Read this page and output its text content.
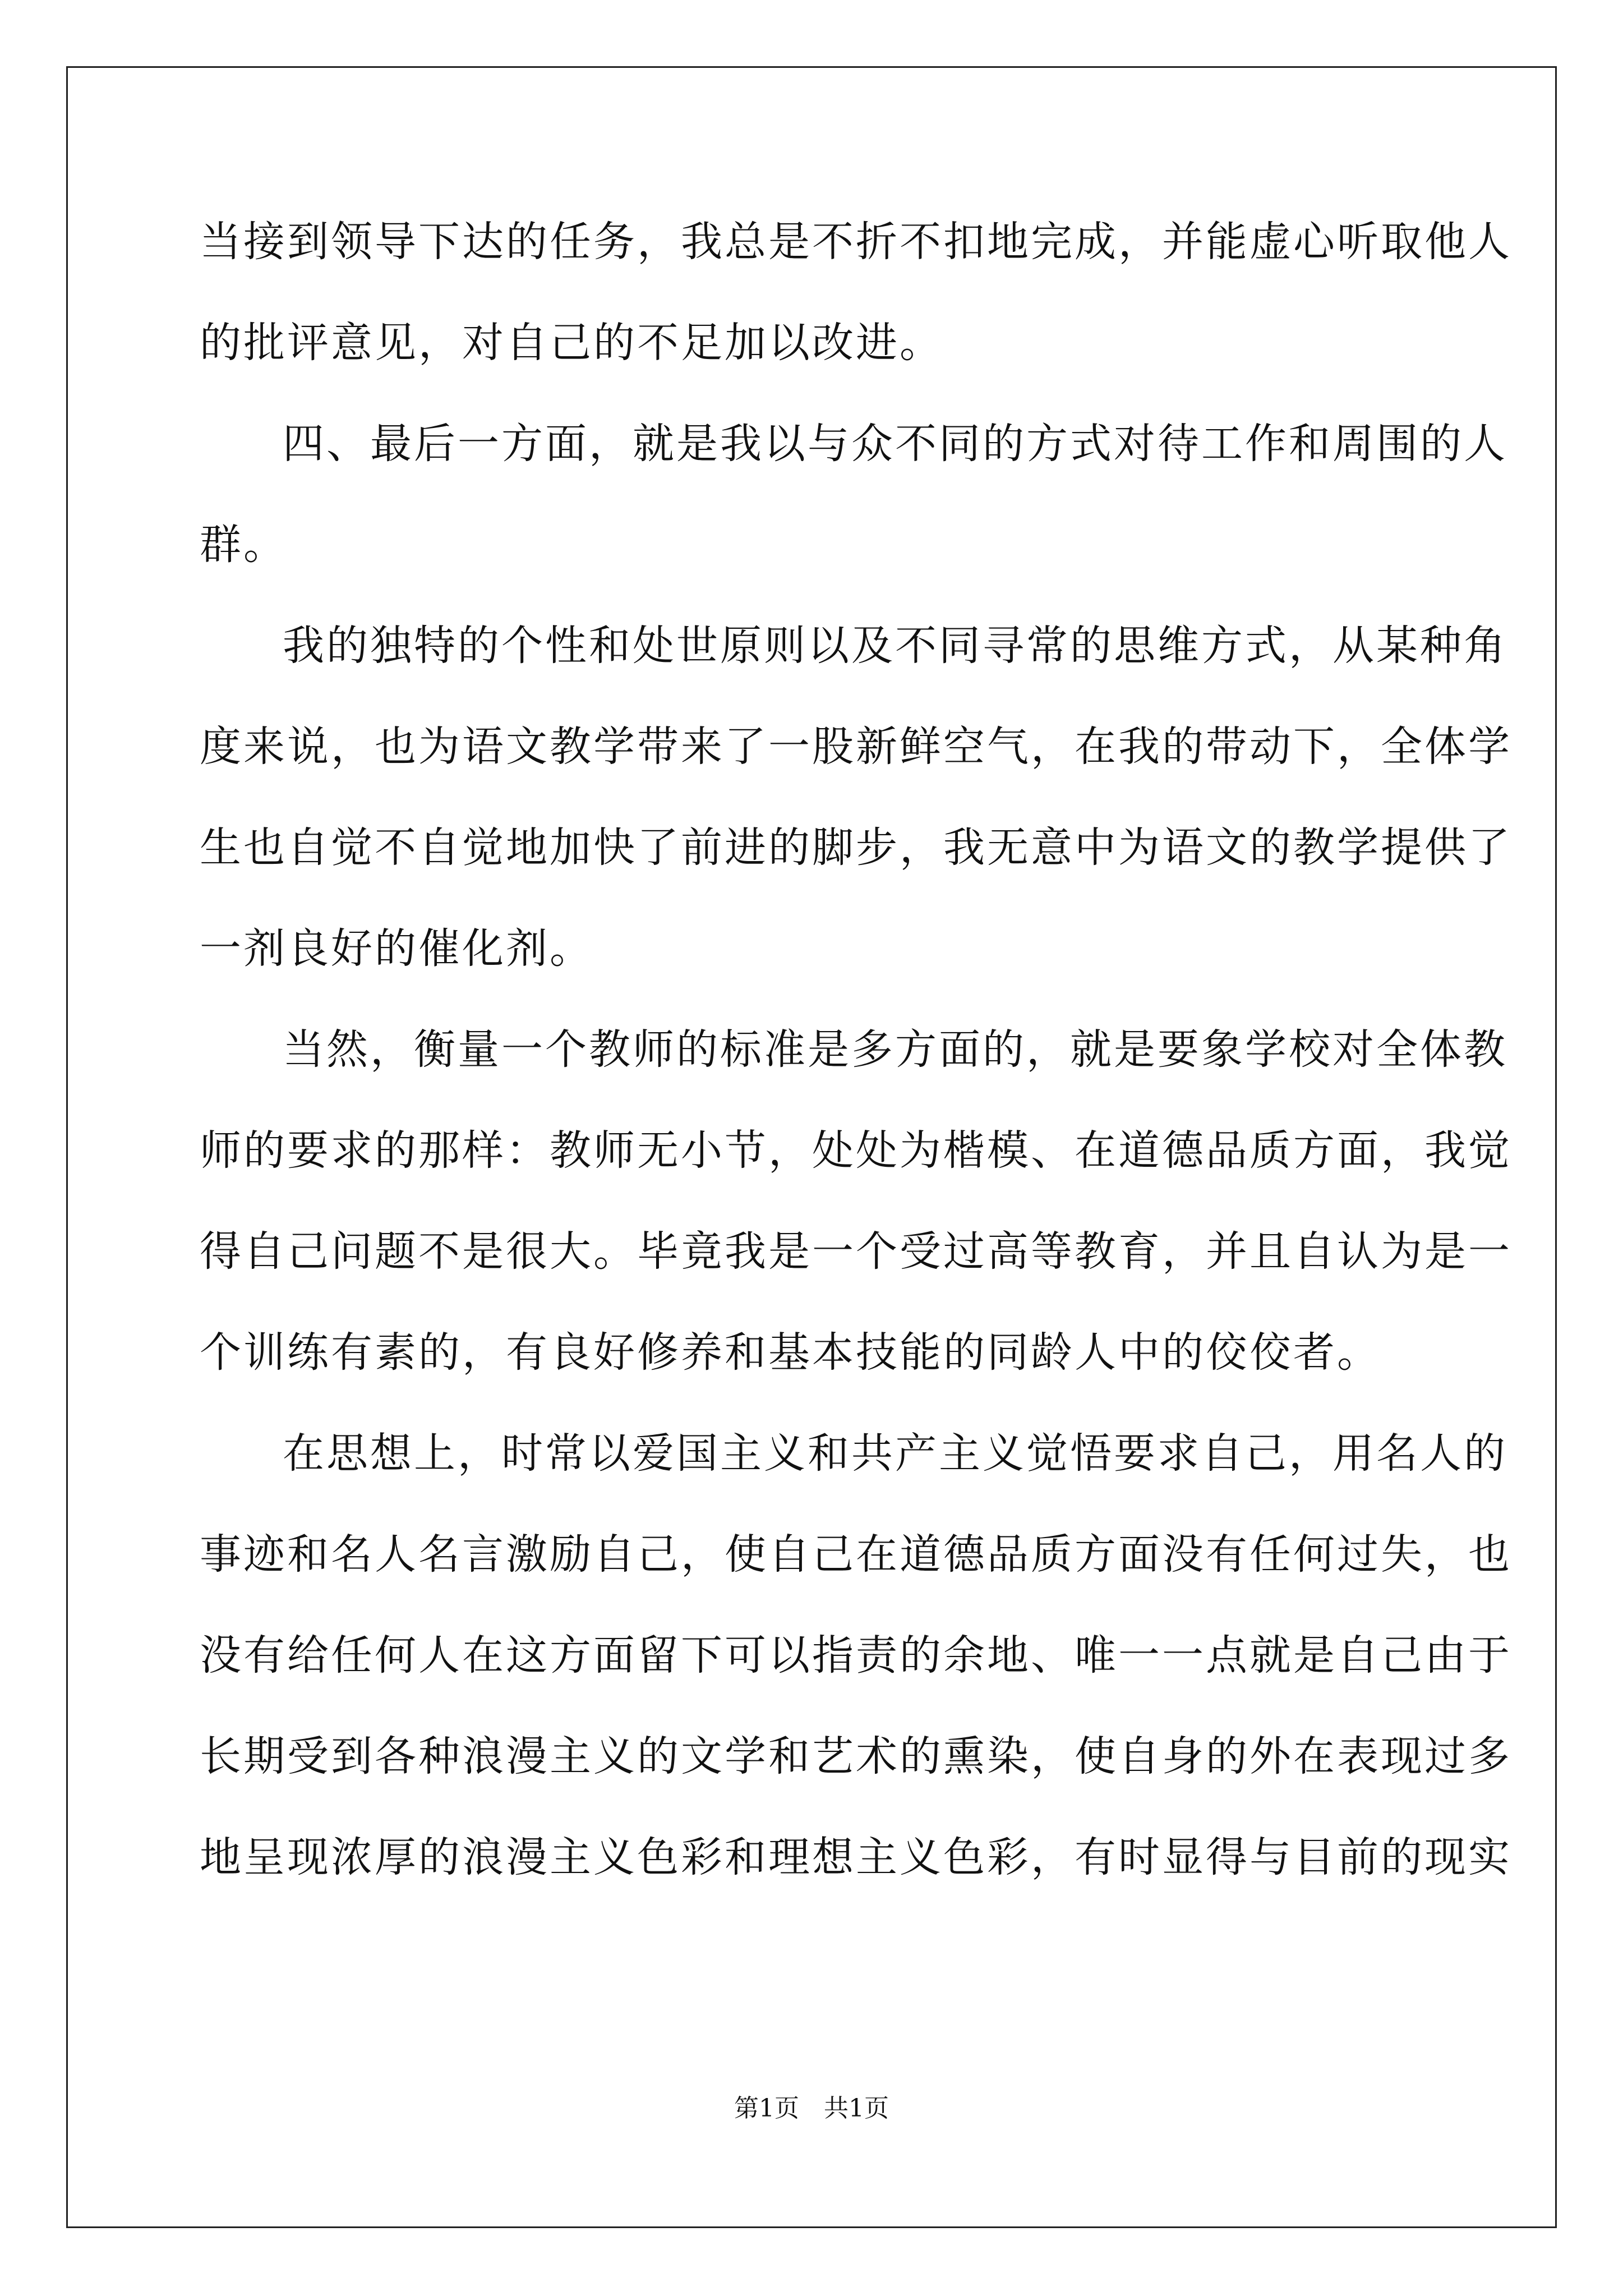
当接到领导下达的任务，我总是不折不扣地完成，并能虚心听取他人
的批评意见，对自己的不足加以改进。
四、最后一方面，就是我以与众不同的方式对待工作和周围的人
群。
我的独特的个性和处世原则以及不同寻常的思维方式，从某种角
度来说，也为语文教学带来了一股新鲜空气，在我的带动下，全体学
生也自觉不自觉地加快了前进的脚步，我无意中为语文的教学提供了
一剂良好的催化剂。
当然，衡量一个教师的标准是多方面的，就是要象学校对全体教
师的要求的那样：教师无小节，处处为楷模、在道德品质方面，我觉
得自己问题不是很大。毕竟我是一个受过高等教育，并且自认为是一
个训练有素的，有良好修养和基本技能的同龄人中的佼佼者。
在思想上，时常以爱国主义和共产主义觉悟要求自己，用名人的
事迹和名人名言激励自己，使自己在道德品质方面没有任何过失，也
没有给任何人在这方面留下可以指责的余地、唯一一点就是自己由于
长期受到各种浪漫主义的文学和艺术的熏染，使自身的外在表现过多
地呈现浓厚的浪漫主义色彩和理想主义色彩，有时显得与目前的现实
第1页　共1页
